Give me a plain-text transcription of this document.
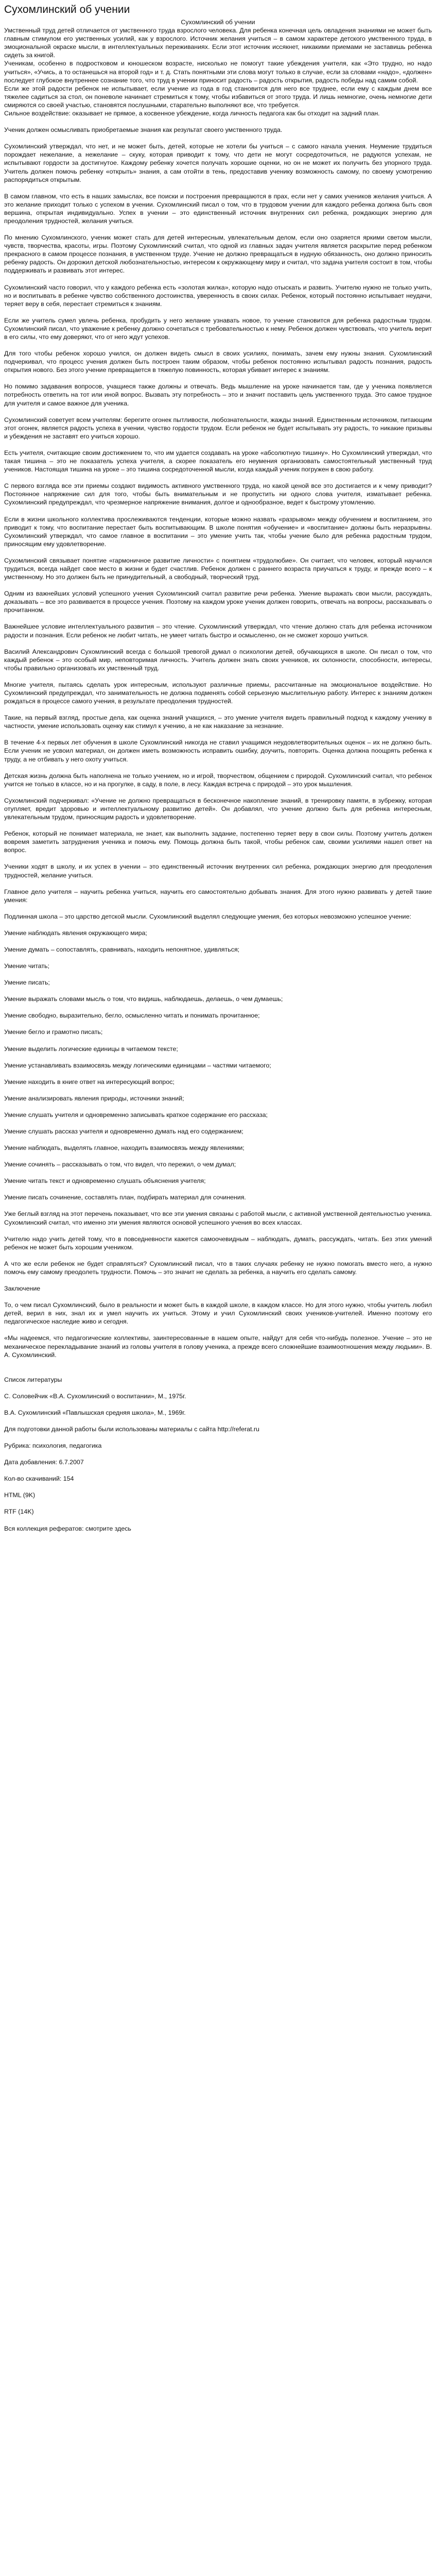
Сухомлинский об учении

Сухомлинский об учении

Умственный труд детей отличается от умственного труда взрослого человека. Для ребенка конечная цель овладения знаниями не может быть главным стимулом его умственных усилий, как у взрослого. Источник желания учиться – в самом характере детского умственного труда, в эмоциональной окраске мысли, в интеллектуальных переживаниях. Если этот источник иссякнет, никакими приемами не заставишь ребенка сидеть за книгой.

Ученикам, особенно в подростковом и юношеском возрасте, нисколько не помогут такие убеждения учителя, как «Это трудно, но надо учиться», «Учись, а то останешься на второй год» и т. д. Стать понятными эти слова могут только в случае, если за словами «надо», «должен» последует глубокое внутреннее сознание того, что труд в учении приносит радость – радость открытия, радость победы над самим собой.

Если же этой радости ребенок не испытывает, если учение из года в год становится для него все труднее, если ему с каждым днем все тяжелее садиться за стол, он поневоле начинает стремиться к тому, чтобы избавиться от этого труда. И лишь немногие, очень немногие дети смиряются со своей участью, становятся послушными, старательно выполняют все, что требуется.

Сильное воздействие: оказывает не прямое, а косвенное убеждение, когда личность педагога как бы отходит на задний план.

Ученик должен осмысливать приобретаемые знания как результат своего умственного труда.

Сухомлинский утверждал, что нет, и не может быть, детей, которые не хотели бы учиться – с самого начала учения. Неумение трудиться порождает нежелание, а нежелание – скуку, которая приводит к тому, что дети не могут сосредоточиться, не радуются успехам, не испытывают гордости за достигнутое. Каждому ребенку хочется получать хорошие оценки, но он не может их получить без упорного труда. Учитель должен помочь ребенку «открыть» знания, а сам отойти в тень, предоставив ученику возможность самому, по своему усмотрению распорядиться открытым.

В самом главном, что есть в наших замыслах, все поиски и построения превращаются в прах, если нет у самих учеников желания учиться. А это желание приходит только с успехом в учении. Сухомлинский писал о том, что в трудовом учении для каждого ребенка должна быть своя вершина, открытая индивидуально. Успех в учении – это единственный источник внутренних сил ребенка, рождающих энергию для преодоления трудностей, желания учиться.

По мнению Сухомлинского, ученик может стать для детей интересным, увлекательным делом, если оно озаряется яркими светом мысли, чувств, творчества, красоты, игры. Поэтому Сухомлинский считал, что одной из главных задач учителя является раскрытие перед ребенком прекрасного в самом процессе познания, в умственном труде. Учение не должно превращаться в нудную обязанность, оно должно приносить ребенку радость. Он дорожил детской любознательностью, интересом к окружающему миру и считал, что задача учителя состоит в том, чтобы поддерживать и развивать этот интерес.

Сухомлинский часто говорил, что у каждого ребенка есть «золотая жилка», которую надо отыскать и развить. Учителю нужно не только учить, но и воспитывать в ребенке чувство собственного достоинства, уверенность в своих силах. Ребенок, который постоянно испытывает неудачи, теряет веру в себя, перестает стремиться к знаниям.

Если же учитель сумел увлечь ребенка, пробудить у него желание узнавать новое, то учение становится для ребенка радостным трудом. Сухомлинский писал, что уважение к ребенку должно сочетаться с требовательностью к нему. Ребенок должен чувствовать, что учитель верит в его силы, что ему доверяют, что от него ждут успехов.

Для того чтобы ребенок хорошо учился, он должен видеть смысл в своих усилиях, понимать, зачем ему нужны знания. Сухомлинский подчеркивал, что процесс учения должен быть построен таким образом, чтобы ребенок постоянно испытывал радость познания, радость открытия нового. Без этого учение превращается в тяжелую повинность, которая убивает интерес к знаниям.

Но помимо задавания вопросов, учащиеся также должны и отвечать. Ведь мышление на уроке начинается там, где у ученика появляется потребность ответить на тот или иной вопрос. Вызвать эту потребность – это и значит поставить цель умственного труда. Это самое трудное для учителя и самое важное для ученика.

Сухомлинский советует всем учителям: берегите огонек пытливости, любознательности, жажды знаний. Единственным источником, питающим этот огонек, является радость успеха в учении, чувство гордости трудом. Если ребенок не будет испытывать эту радость, то никакие призывы и убеждения не заставят его учиться хорошо.

Есть учителя, считающие своим достижением то, что им удается создавать на уроке «абсолютную тишину». Но Сухомлинский утверждал, что такая тишина – это не показатель успеха учителя, а скорее показатель его неумения организовать самостоятельный умственный труд учеников. Настоящая тишина на уроке – это тишина сосредоточенной мысли, когда каждый ученик погружен в свою работу.

С первого взгляда все эти приемы создают видимость активного умственного труда, но какой ценой все это достигается и к чему приводит? Постоянное напряжение сил для того, чтобы быть внимательным и не пропустить ни одного слова учителя, изматывает ребенка. Сухомлинский предупреждал, что чрезмерное напряжение внимания, долгое и однообразное, ведет к быстрому утомлению.

Если в жизни школьного коллектива прослеживаются тенденции, которые можно назвать «разрывом» между обучением и воспитанием, это приводит к тому, что воспитание перестает быть воспитывающим. В школе понятия «обучение» и «воспитание» должны быть неразрывны. Сухомлинский утверждал, что самое главное в воспитании – это умение учить так, чтобы учение было для ребенка радостным трудом, приносящим ему удовлетворение.

Сухомлинский связывает понятие «гармоничное развитие личности» с понятием «трудолюбие». Он считает, что человек, который научился трудиться, всегда найдет свое место в жизни и будет счастлив. Ребенок должен с раннего возраста приучаться к труду, и прежде всего – к умственному. Но это должен быть не принудительный, а свободный, творческий труд.

Одним из важнейших условий успешного учения Сухомлинский считал развитие речи ребенка. Умение выражать свои мысли, рассуждать, доказывать – все это развивается в процессе учения. Поэтому на каждом уроке ученик должен говорить, отвечать на вопросы, рассказывать о прочитанном.

Важнейшее условие интеллектуального развития – это чтение. Сухомлинский утверждал, что чтение должно стать для ребенка источником радости и познания. Если ребенок не любит читать, не умеет читать быстро и осмысленно, он не сможет хорошо учиться.

Василий Александрович Сухомлинский всегда с большой тревогой думал о психологии детей, обучающихся в школе. Он писал о том, что каждый ребенок – это особый мир, неповторимая личность. Учитель должен знать своих учеников, их склонности, способности, интересы, чтобы правильно организовать их умственный труд.

Многие учителя, пытаясь сделать урок интересным, используют различные приемы, рассчитанные на эмоциональное воздействие. Но Сухомлинский предупреждал, что занимательность не должна подменять собой серьезную мыслительную работу. Интерес к знаниям должен рождаться в процессе самого учения, в результате преодоления трудностей.

Такие, на первый взгляд, простые дела, как оценка знаний учащихся, – это умение учителя видеть правильный подход к каждому ученику в частности, умение использовать оценку как стимул к учению, а не как наказание за незнание.

В течение 4-х первых лет обучения в школе Сухомлинский никогда не ставил учащимся неудовлетворительных оценок – их не должно быть. Если ученик не усвоил материал, он должен иметь возможность исправить ошибку, доучить, повторить. Оценка должна поощрять ребенка к труду, а не отбивать у него охоту учиться.

Детская жизнь должна быть наполнена не только учением, но и игрой, творчеством, общением с природой. Сухомлинский считал, что ребенок учится не только в классе, но и на прогулке, в саду, в поле, в лесу. Каждая встреча с природой – это урок мышления.

Сухомлинский подчеркивал: «Учение не должно превращаться в бесконечное накопление знаний, в тренировку памяти, в зубрежку, которая отупляет, вредит здоровью и интеллектуальному развитию детей». Он добавлял, что учение должно быть для ребенка интересным, увлекательным трудом, приносящим радость и удовлетворение.

Ребенок, который не понимает материала, не знает, как выполнить задание, постепенно теряет веру в свои силы. Поэтому учитель должен вовремя заметить затруднения ученика и помочь ему. Помощь должна быть такой, чтобы ребенок сам, своими усилиями нашел ответ на вопрос.

Ученики ходят в школу, и их успех в учении – это единственный источник внутренних сил ребенка, рождающих энергию для преодоления трудностей, желание учиться.

Главное дело учителя – научить ребенка учиться, научить его самостоятельно добывать знания. Для этого нужно развивать у детей такие умения:

Подлинная школа – это царство детской мысли. Сухомлинский выделял следующие умения, без которых невозможно успешное учение:

Умение наблюдать явления окружающего мира;

Умение думать – сопоставлять, сравнивать, находить непонятное, удивляться;

Умение читать;

Умение писать;

Умение выражать словами мысль о том, что видишь, наблюдаешь, делаешь, о чем думаешь;

Умение свободно, выразительно, бегло, осмысленно читать и понимать прочитанное;

Умение бегло и грамотно писать;

Умение выделить логические единицы в читаемом тексте;

Умение устанавливать взаимосвязь между логическими единицами – частями читаемого;

Умение находить в книге ответ на интересующий вопрос;

Умение анализировать явления природы, источники знаний;

Умение слушать учителя и одновременно записывать краткое содержание его рассказа;

Умение слушать рассказ учителя и одновременно думать над его содержанием;

Умение наблюдать, выделять главное, находить взаимосвязь между явлениями;

Умение сочинять – рассказывать о том, что видел, что пережил, о чем думал;

Умение читать текст и одновременно слушать объяснения учителя;

Умение писать сочинение, составлять план, подбирать материал для сочинения.

Уже беглый взгляд на этот перечень показывает, что все эти умения связаны с работой мысли, с активной умственной деятельностью ученика. Сухомлинский считал, что именно эти умения являются основой успешного учения во всех классах.

Учителю надо учить детей тому, что в повседневности кажется самоочевидным – наблюдать, думать, рассуждать, читать. Без этих умений ребенок не может быть хорошим учеником.

А что же если ребенок не будет справляться? Сухомлинский писал, что в таких случаях ребенку не нужно помогать вместо него, а нужно помочь ему самому преодолеть трудности. Помочь – это значит не сделать за ребенка, а научить его сделать самому.

Заключение

То, о чем писал Сухомлинский, было в реальности и может быть в каждой школе, в каждом классе. Но для этого нужно, чтобы учитель любил детей, верил в них, знал их и умел научить их учиться. Этому и учил Сухомлинский своих учеников-учителей. Именно поэтому его педагогическое наследие живо и сегодня.

«Мы надеемся, что педагогические коллективы, заинтересованные в нашем опыте, найдут для себя что-нибудь полезное. Учение – это не механическое перекладывание знаний из головы учителя в голову ученика, а прежде всего сложнейшие взаимоотношения между людьми». В. А. Сухомлинский.

Список литературы

С. Соловейчик «В.А. Сухомлинский о воспитании», М., 1975г.

В.А. Сухомлинский «Павлышская средняя школа», М., 1969г.

Для подготовки данной работы были использованы материалы с сайта http://referat.ru

Рубрика: психология, педагогика

Дата добавления: 6.7.2007

Кол-во скачиваний: 154

HTML (9K)

RTF (14K)

Вся коллекция рефератов: смотрите здесь
